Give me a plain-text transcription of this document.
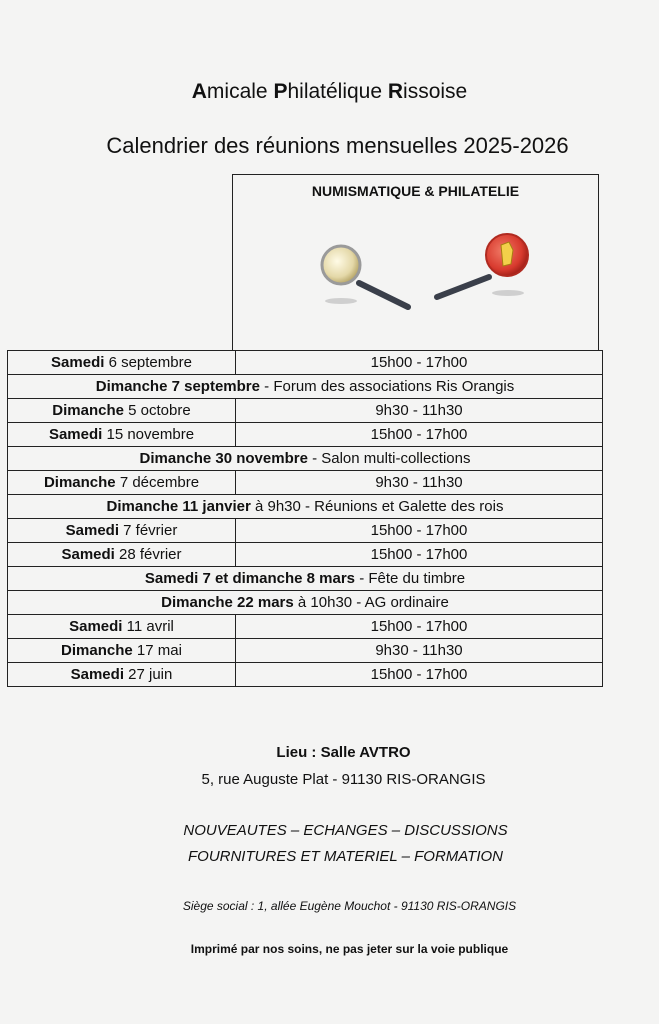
Amicale Philatélique Rissoise
Calendrier des réunions mensuelles 2025-2026
NUMISMATIQUE & PHILATELIE
Samedi 6 septembre	15h00 - 17h00
Dimanche 7 septembre - Forum des associations Ris Orangis	
Dimanche 5 octobre	9h30 - 11h30
Samedi 15 novembre	15h00 - 17h00
Dimanche 30 novembre - Salon multi-collections	
Dimanche 7 décembre	9h30 - 11h30
Dimanche 11 janvier à 9h30 - Réunions et Galette des rois	
Samedi 7 février	15h00 - 17h00
Samedi 28 février	15h00 - 17h00
Samedi 7 et dimanche 8 mars - Fête du timbre	
Dimanche 22 mars à 10h30 - AG ordinaire	
Samedi 11 avril	15h00 - 17h00
Dimanche 17 mai	9h30 - 11h30
Samedi 27 juin	15h00 - 17h00
Lieu : Salle AVTRO
5, rue Auguste Plat - 91130 RIS-ORANGIS
NOUVEAUTES – ECHANGES – DISCUSSIONS
FOURNITURES ET MATERIEL – FORMATION
Siège social : 1, allée Eugène Mouchot - 91130 RIS-ORANGIS
Imprimé par nos soins, ne pas jeter sur la voie publique
